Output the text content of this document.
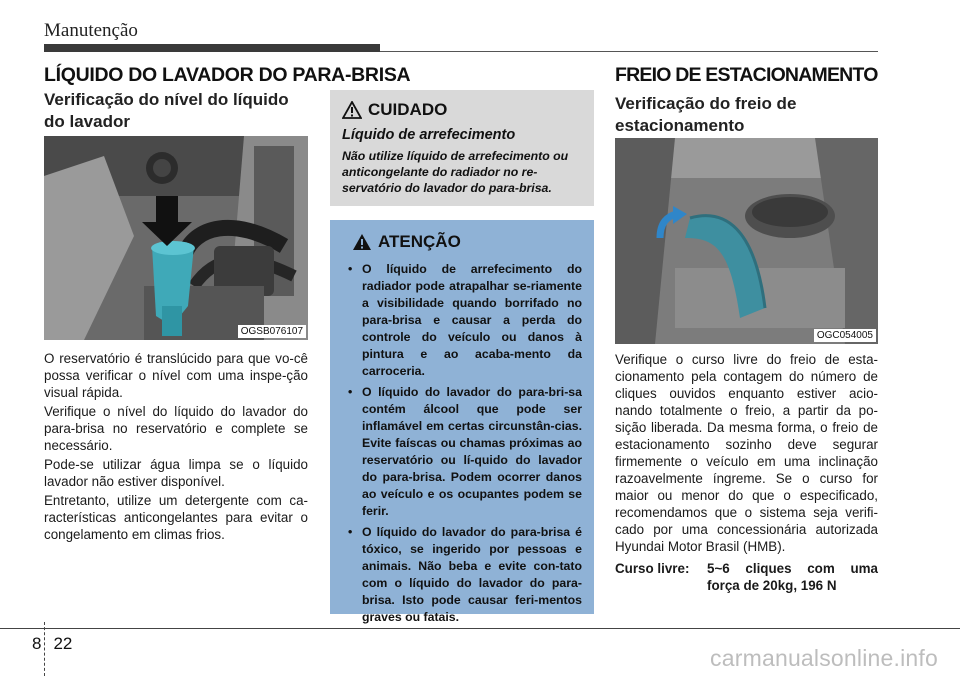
Manutenção
LÍQUIDO DO LAVADOR DO PARA-BRISA
Verificação do nível do líquido
do lavador
OGSB076107

O reservatório é translúcido para que vo-cê possa verificar o nível com uma inspe-ção visual rápida.

Verifique o nível do líquido do lavador do para-brisa no reservatório e complete se necessário.

Pode-se utilizar água limpa se o líquido lavador não estiver disponível.

Entretanto, utilize um detergente com ca-racterísticas anticongelantes para evitar o congelamento em climas frios.

CUIDADO
Líquido de arrefecimento
Não utilize líquido de arrefecimento ou anticongelante do radiador no re-servatório do lavador do para-brisa.
ATENÇÃO
• O líquido de arrefecimento do radiador pode atrapalhar se-riamente a visibilidade quando borrifado no para-brisa e causar a perda do controle do veículo ou danos à pintura e ao acaba-mento da carroceria.
• O líquido do lavador do para-bri-sa contém álcool que pode ser inflamável em certas circunstân-cias. Evite faíscas ou chamas próximas ao reservatório ou lí-quido do lavador do para-brisa. Podem ocorrer danos ao veículo e os ocupantes podem se ferir.
• O líquido do lavador do para-brisa é tóxico, se ingerido por pessoas e animais. Não beba e evite con-tato com o líquido do lavador do para-brisa. Isto pode causar feri-mentos graves ou fatais.
FREIO DE ESTACIONAMENTO
Verificação do freio de
estacionamento
OGC054005

Verifique o curso livre do freio de esta-cionamento pela contagem do número de cliques ouvidos enquanto estiver acio-nando totalmente o freio, a partir da po-sição liberada. Da mesma forma, o freio de estacionamento sozinho deve segurar firmemente o veículo em uma inclinação razoavelmente íngreme. Se o curso for maior ou menor do que o especificado, recomendamos que o sistema seja verifi-cado por uma concessionária autorizada Hyundai Motor Brasil (HMB).

Curso livre:	5~6 cliques com uma força de 20kg, 196 N
8 22
carmanualsonline.info
